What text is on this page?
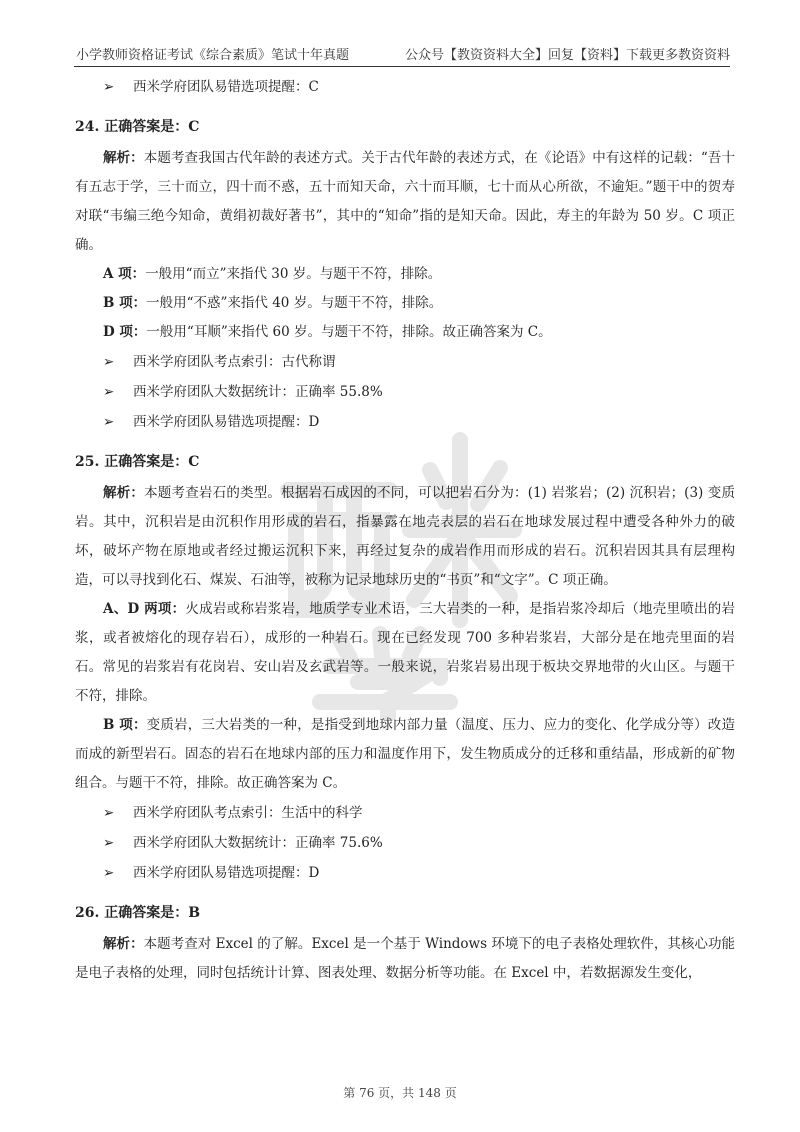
小学教师资格证考试《综合素质》笔试十年真题	公众号【教资资料大全】回复【资料】下载更多教资资料

➢ 西米学府团队易错选项提醒：C

24. 正确答案是：C

解析：本题考查我国古代年龄的表述方式。关于古代年龄的表述方式，在《论语》中有这样的记载：“吾十有五志于学，三十而立，四十而不惑，五十而知天命，六十而耳顺，七十而从心所欲，不逾矩。”题干中的贺寿对联“韦编三绝今知命，黄绢初裁好著书”，其中的“知命”指的是知天命。因此，寿主的年龄为 50 岁。C 项正确。

A 项：一般用“而立”来指代 30 岁。与题干不符，排除。

B 项：一般用“不惑”来指代 40 岁。与题干不符，排除。

D 项：一般用“耳顺”来指代 60 岁。与题干不符，排除。故正确答案为 C。

➢ 西米学府团队考点索引：古代称谓

➢ 西米学府团队大数据统计：正确率 55.8%

➢ 西米学府团队易错选项提醒：D

25. 正确答案是：C

解析：本题考查岩石的类型。根据岩石成因的不同，可以把岩石分为：(1) 岩浆岩；(2) 沉积岩；(3) 变质岩。其中，沉积岩是由沉积作用形成的岩石，指暴露在地壳表层的岩石在地球发展过程中遭受各种外力的破坏，破坏产物在原地或者经过搬运沉积下来，再经过复杂的成岩作用而形成的岩石。沉积岩因其具有层理构造，可以寻找到化石、煤炭、石油等，被称为记录地球历史的“书页”和“文字”。C 项正确。

A、D 两项：火成岩或称岩浆岩，地质学专业术语，三大岩类的一种，是指岩浆冷却后（地壳里喷出的岩浆，或者被熔化的现存岩石），成形的一种岩石。现在已经发现 700 多种岩浆岩，大部分是在地壳里面的岩石。常见的岩浆岩有花岗岩、安山岩及玄武岩等。一般来说，岩浆岩易出现于板块交界地带的火山区。与题干不符，排除。

B 项：变质岩，三大岩类的一种，是指受到地球内部力量（温度、压力、应力的变化、化学成分等）改造而成的新型岩石。固态的岩石在地球内部的压力和温度作用下，发生物质成分的迁移和重结晶，形成新的矿物组合。与题干不符，排除。故正确答案为 C。

➢ 西米学府团队考点索引：生活中的科学

➢ 西米学府团队大数据统计：正确率 75.6%

➢ 西米学府团队易错选项提醒：D

26. 正确答案是：B

解析：本题考查对 Excel 的了解。Excel 是一个基于 Windows 环境下的电子表格处理软件，其核心功能是电子表格的处理，同时包括统计计算、图表处理、数据分析等功能。在 Excel 中，若数据源发生变化，

第 76 页，共 148 页
